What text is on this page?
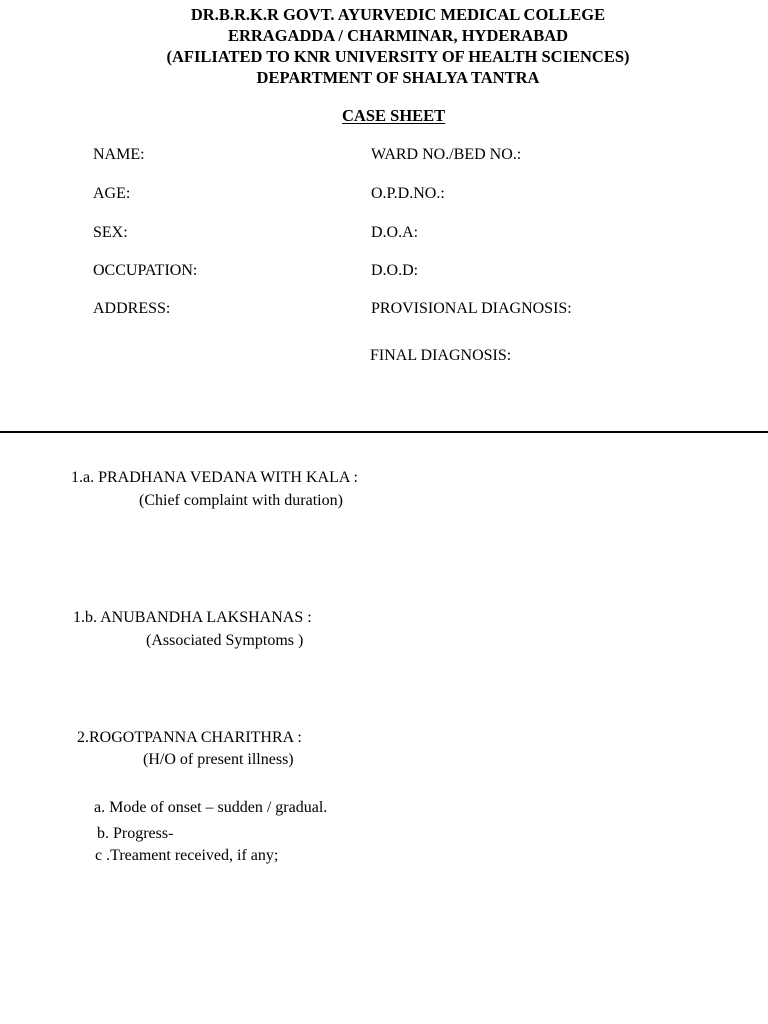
DR.B.R.K.R GOVT. AYURVEDIC MEDICAL COLLEGE
ERRAGADDA / CHARMINAR, HYDERABAD
(AFILIATED TO KNR UNIVERSITY OF HEALTH SCIENCES)
DEPARTMENT OF SHALYA TANTRA
CASE SHEET
NAME:
AGE:
SEX:
OCCUPATION:
ADDRESS:
WARD NO./BED NO.:
O.P.D.NO.:
D.O.A:
D.O.D:
PROVISIONAL DIAGNOSIS:
FINAL DIAGNOSIS:
1.a. PRADHANA VEDANA WITH KALA :
(Chief complaint with duration)
1.b. ANUBANDHA LAKSHANAS :
(Associated Symptoms )
2.ROGOTPANNA CHARITHRA :
(H/O of present illness)
a. Mode of onset – sudden / gradual.
b. Progress-
c .Treament received, if any;
